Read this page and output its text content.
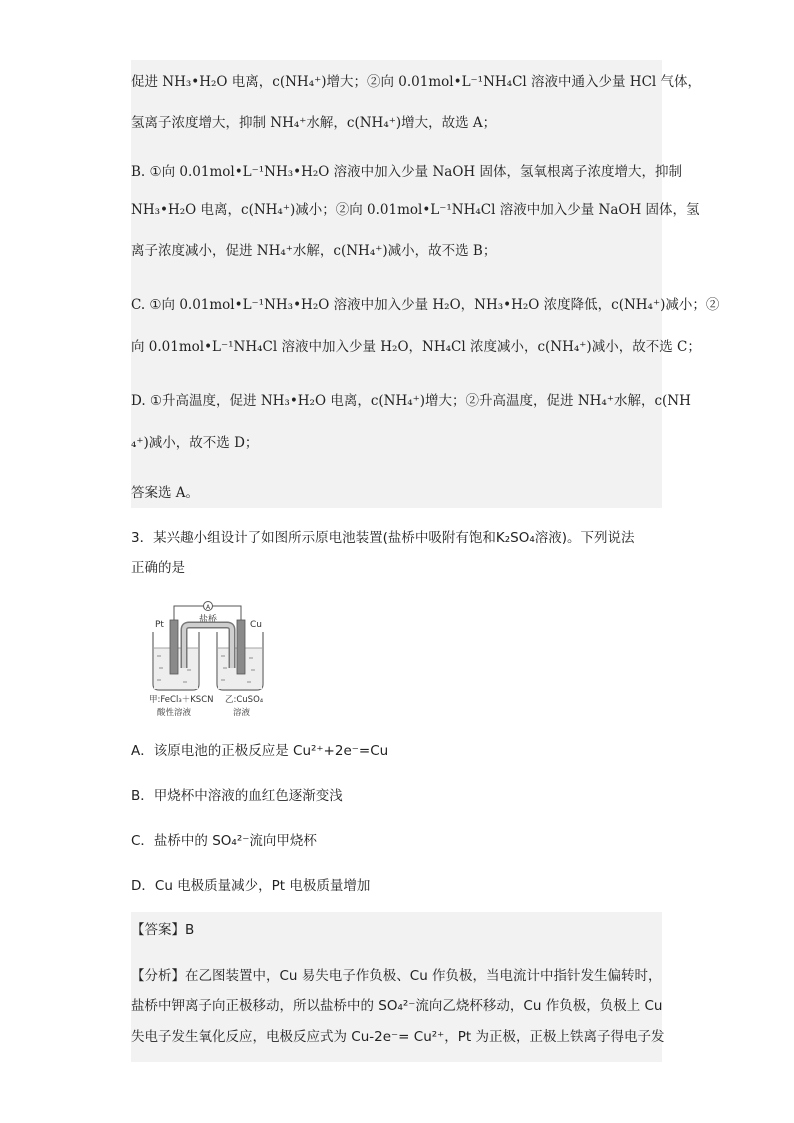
促进 NH₃•H₂O 电离，c(NH₄⁺)增大；②向 0.01mol•L⁻¹NH₄Cl 溶液中通入少量 HCl 气体，
氢离子浓度增大，抑制 NH₄⁺水解，c(NH₄⁺)增大，故选 A；
B. ①向 0.01mol•L⁻¹NH₃•H₂O 溶液中加入少量 NaOH 固体，氢氧根离子浓度增大，抑制
NH₃•H₂O 电离，c(NH₄⁺)减小；②向 0.01mol•L⁻¹NH₄Cl 溶液中加入少量 NaOH 固体，氢
离子浓度减小，促进 NH₄⁺水解，c(NH₄⁺)减小，故不选 B；
C. ①向 0.01mol•L⁻¹NH₃•H₂O 溶液中加入少量 H₂O，NH₃•H₂O 浓度降低，c(NH₄⁺)减小；②
向 0.01mol•L⁻¹NH₄Cl 溶液中加入少量 H₂O，NH₄Cl 浓度减小，c(NH₄⁺)减小，故不选 C；
D. ①升高温度，促进 NH₃•H₂O 电离，c(NH₄⁺)增大；②升高温度，促进 NH₄⁺水解，c(NH
₄⁺)减小，故不选 D；
答案选 A。
3．某兴趣小组设计了如图所示原电池装置(盐桥中吸附有饱和K₂SO₄溶液)。下列说法
正确的是
A
盐桥
Pt	Cu
甲:FeCl₃＋KSCN
酸性溶液
乙:CuSO₄
溶液
A．该原电池的正极反应是 Cu²⁺+2e⁻=Cu
B．甲烧杯中溶液的血红色逐渐变浅
C．盐桥中的 SO₄²⁻流向甲烧杯
D．Cu 电极质量减少，Pt 电极质量增加
【答案】B
【分析】在乙图装置中，Cu 易失电子作负极、Cu 作负极，当电流计中指针发生偏转时，
盐桥中钾离子向正极移动，所以盐桥中的 SO₄²⁻流向乙烧杯移动，Cu 作负极，负极上 Cu
失电子发生氧化反应，电极反应式为 Cu-2e⁻= Cu²⁺，Pt 为正极，正极上铁离子得电子发
